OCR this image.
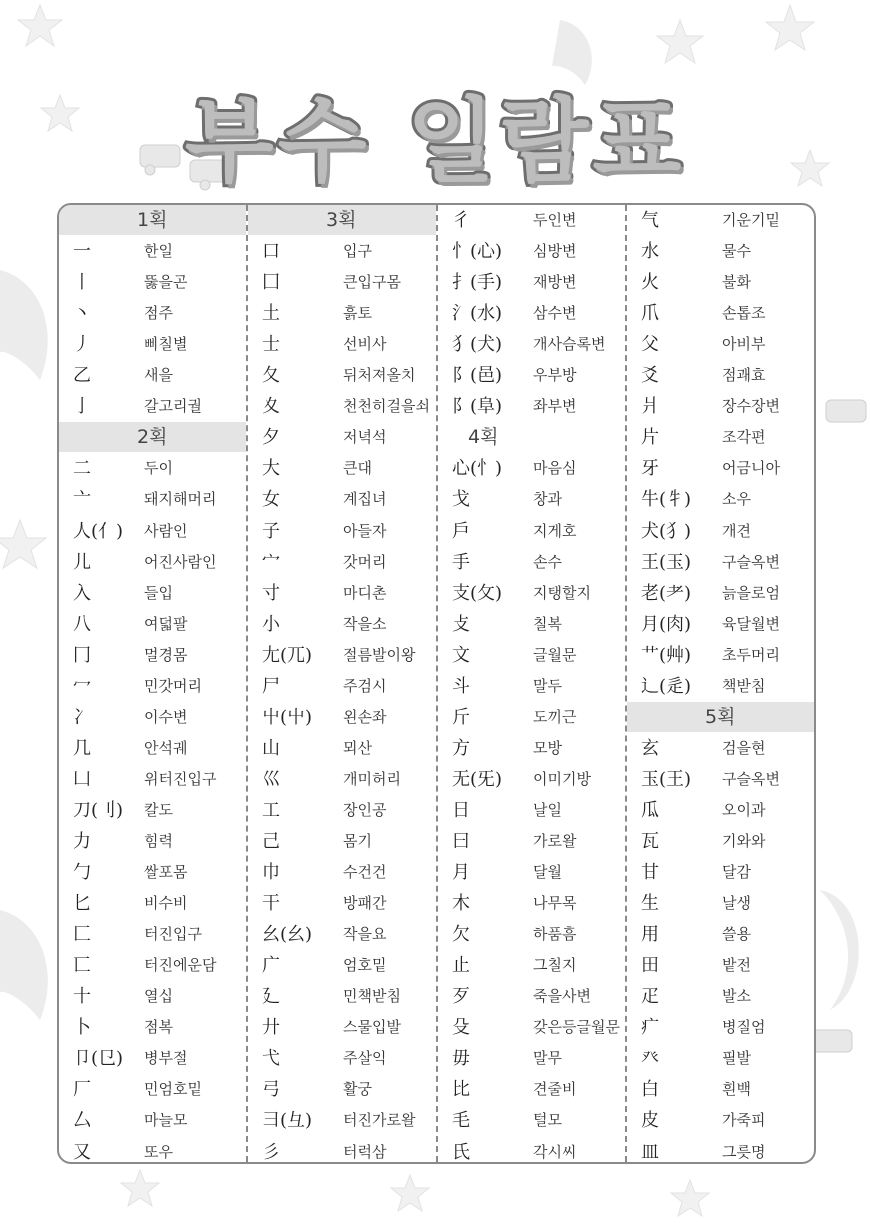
부수 일람표
1획
一	한일
丨	뚫을곤
丶	점주
丿	삐칠별
乙	새을
亅	갈고리궐
2획
二	두이
亠	돼지해머리
人(亻) 사람인
儿	어진사람인
入	들입
八	여덟팔
冂	멀경몸
冖	민갓머리
冫	이수변
几	안석궤
凵	위터진입구
刀(刂) 칼도
力	힘력
勹	쌀포몸
匕	비수비
匚	터진입구
匸	터진에운담
十	열십
卜	점복
卩(㔾) 병부절
厂	민엄호밑
厶	마늘모
又	또우
3획
口	입구
囗	큰입구몸
土	흙토
士	선비사
夂	뒤처져올치
夊	천천히걸을쇠
夕	저녁석
大	큰대
女	계집녀
子	아들자
宀	갓머리
寸	마디촌
小	작을소
尢(兀) 절름발이왕
尸	주검시
屮(屮) 왼손좌
山	뫼산
巛	개미허리
工	장인공
己	몸기
巾	수건건
干	방패간
幺(幺) 작을요
广	엄호밑
廴	민책받침
廾	스물입발
弋	주살익
弓	활궁
彐(彑) 터진가로왈
彡	터럭삼
彳	두인변
忄(心) 심방변
扌(手) 재방변
氵(水) 삼수변
犭(犬) 개사슴록변
阝(邑) 우부방
阝(阜) 좌부변
4획
心(忄) 마음심
戈	창과
戶	지게호
手	손수
支(攵) 지탱할지
攴	칠복
文	글월문
斗	말두
斤	도끼근
方	모방
无(旡) 이미기방
日	날일
曰	가로왈
月	달월
木	나무목
欠	하품흠
止	그칠지
歹	죽을사변
殳	갖은등글월문
毋	말무
比	견줄비
毛	털모
氏	각시씨
气	기운기밑
水	물수
火	불화
爪	손톱조
父	아비부
爻	점괘효
爿	장수장변
片	조각편
牙	어금니아
牛(牜) 소우
犬(犭) 개견
王(玉) 구슬옥변
老(耂) 늙을로엄
月(肉) 육달월변
艹(艸) 초두머리
辶(辵) 책받침
5획
玄	검을현
玉(王) 구슬옥변
瓜	오이과
瓦	기와와
甘	달감
生	날생
用	쓸용
田	밭전
疋	발소
疒	병질엄
癶	필발
白	흰백
皮	가죽피
皿	그릇명
